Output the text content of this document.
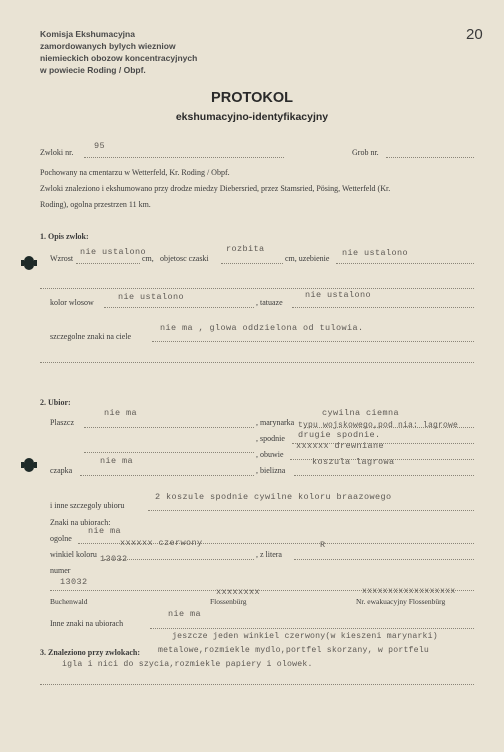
Komisja Ekshumacyjna
zamordowanych bylych wiezniow
niemieckich obozow koncentracyjnych
w powiecie Roding / Obpf.
20
PROTOKOL
ekshumacyjno-identyfikacyjny
Zwloki nr.
95
Grob nr.
Pochowany na cmentarzu w Wetterfeld, Kr. Roding / Obpf.
Zwloki znaleziono i ekshumowano przy drodze miedzy Diebersried, przez Stamsried, Pösing, Wetterfeld (Kr.
Roding), ogolna przestrzen 11 km.
1. Opis zwlok:
Wzrost
nie ustalono
cm, objetosc czaski
rozbita
cm, uzebienie
nie ustalono
kolor wlosow
nie ustalono
, tatuaze
nie ustalono
szczegolne znaki na ciele
nie ma , glowa oddzielona od tulowia.
2. Ubior:
Plaszcz
nie ma
, marynarka
cywilna ciemna
typu wojskowego,pod nia: lagrowe
, spodnie drugie spodnie.
, obuwie
xxxxxx drewniane
czapka
nie ma
, bielizna
koszula lagrowa
i inne szczegoly ubioru
2 koszule spodnie cywilne koloru braazowego
Znaki na ubiorach:
ogolne
nie ma
winkiel koloru
xxxxxx czerwony
13032	, z litera
R
numer
13032
Buchenwald
xxxxxxxx
Flossenbürg
xxxxxxxxxxxxxxxxxx
Nr. ewakuacyjny Flossenbürg
Inne znaki na ubiorach
nie ma
jeszcze jeden winkiel czerwony(w kieszeni marynarki)
3. Znaleziono przy zwlokach: metalowe,rozmiekle mydlo,portfel skorzany, w portfelu
igla i nici do szycia,rozmiekle papiery i olowek.
